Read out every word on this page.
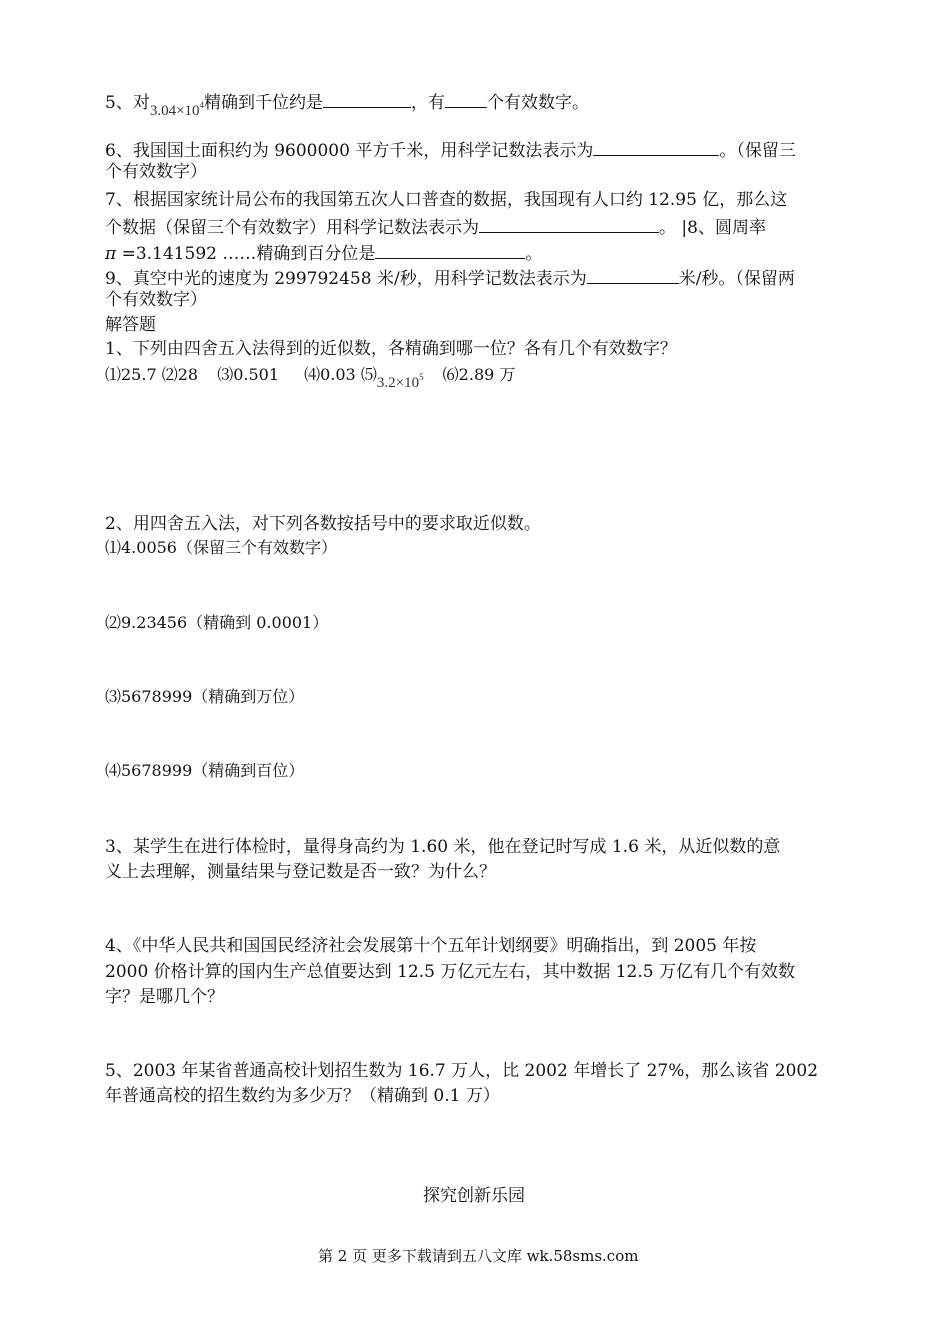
5、对$3.04\times 10^4$精确到千位约是	，有 个有效数字。
6、我国国土面积约为 9600000 平方千米，用科学记数法表示为	。（保留三
个有效数字）
7、根据国家统计局公布的我国第五次人口普查的数据，我国现有人口约 12.95 亿，那么这
个数据（保留三个有效数字）用科学记数法表示为	。 |8、圆周率
π =3.141592 ……精确到百分位是	。
9、真空中光的速度为 299792458 米/秒，用科学记数法表示为	米/秒。（保留两
个有效数字）
解答题
1、下列由四舍五入法得到的近似数，各精确到哪一位？各有几个有效数字？
⑴25.7 ⑵28 ⑶0.501 ⑷0.03 $⑸3.2\times 10^5$ ⑹2.89 万
2、用四舍五入法，对下列各数按括号中的要求取近似数。
⑴4.0056（保留三个有效数字）
⑵9.23456（精确到 0.0001）
⑶5678999（精确到万位）
⑷5678999（精确到百位）
3、某学生在进行体检时，量得身高约为 1.60 米，他在登记时写成 1.6 米，从近似数的意
义上去理解，测量结果与登记数是否一致？为什么？
4、《中华人民共和国国民经济社会发展第十个五年计划纲要》明确指出，到 2005 年按
2000 价格计算的国内生产总值要达到 12.5 万亿元左右，其中数据 12.5 万亿有几个有效数
字？是哪几个？
5、2003 年某省普通高校计划招生数为 16.7 万人，比 2002 年增长了 27%，那么该省 2002
年普通高校的招生数约为多少万？（精确到 0.1 万）
探究创新乐园
第 2 页 更多下载请到五八文库 wk.58sms.com
